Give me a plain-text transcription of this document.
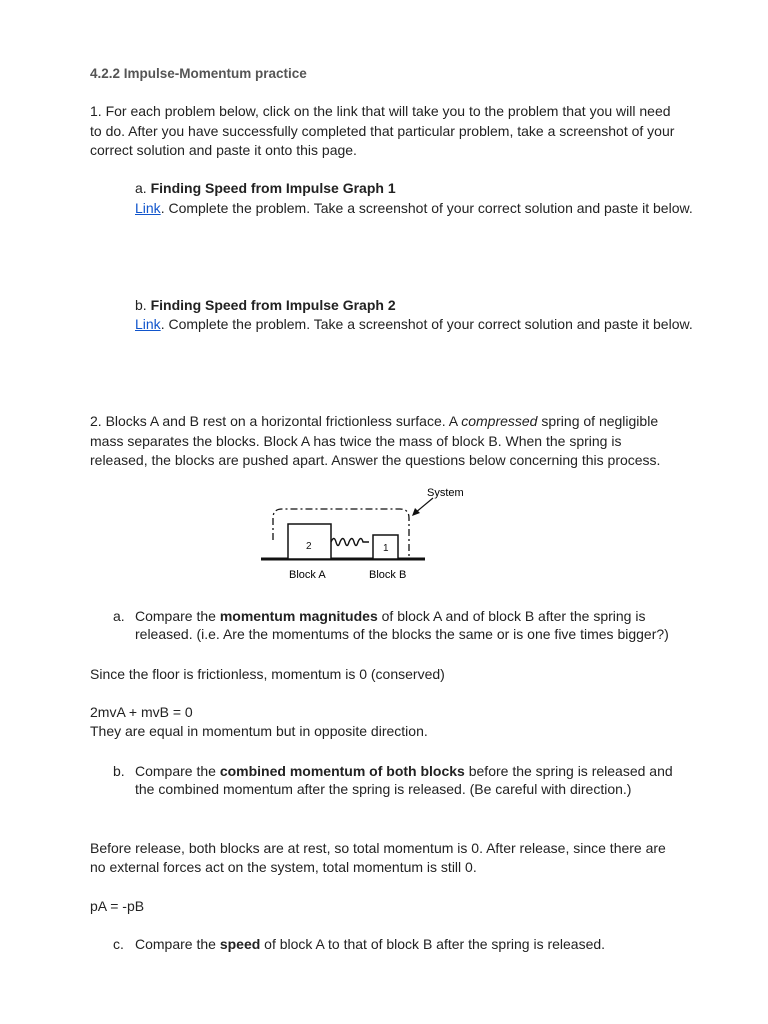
4.2.2 Impulse-Momentum practice
1. For each problem below, click on the link that will take you to the problem that you will need
to do. After you have successfully completed that particular problem, take a screenshot of your
correct solution and paste it onto this page.
a. Finding Speed from Impulse Graph 1
Link. Complete the problem. Take a screenshot of your correct solution and paste it below.
b. Finding Speed from Impulse Graph 2
Link. Complete the problem. Take a screenshot of your correct solution and paste it below.
2. Blocks A and B rest on a horizontal frictionless surface. A compressed spring of negligible
mass separates the blocks. Block A has twice the mass of block B. When the spring is
released, the blocks are pushed apart. Answer the questions below concerning this process.
System
2	1
Block A	Block B
a. Compare the momentum magnitudes of block A and of block B after the spring is
released. (i.e. Are the momentums of the blocks the same or is one five times bigger?)
Since the floor is frictionless, momentum is 0 (conserved)
2mvA + mvB = 0
They are equal in momentum but in opposite direction.
b. Compare the combined momentum of both blocks before the spring is released and
the combined momentum after the spring is released. (Be careful with direction.)
Before release, both blocks are at rest, so total momentum is 0. After release, since there are
no external forces act on the system, total momentum is still 0.
pA = -pB
c. Compare the speed of block A to that of block B after the spring is released.
